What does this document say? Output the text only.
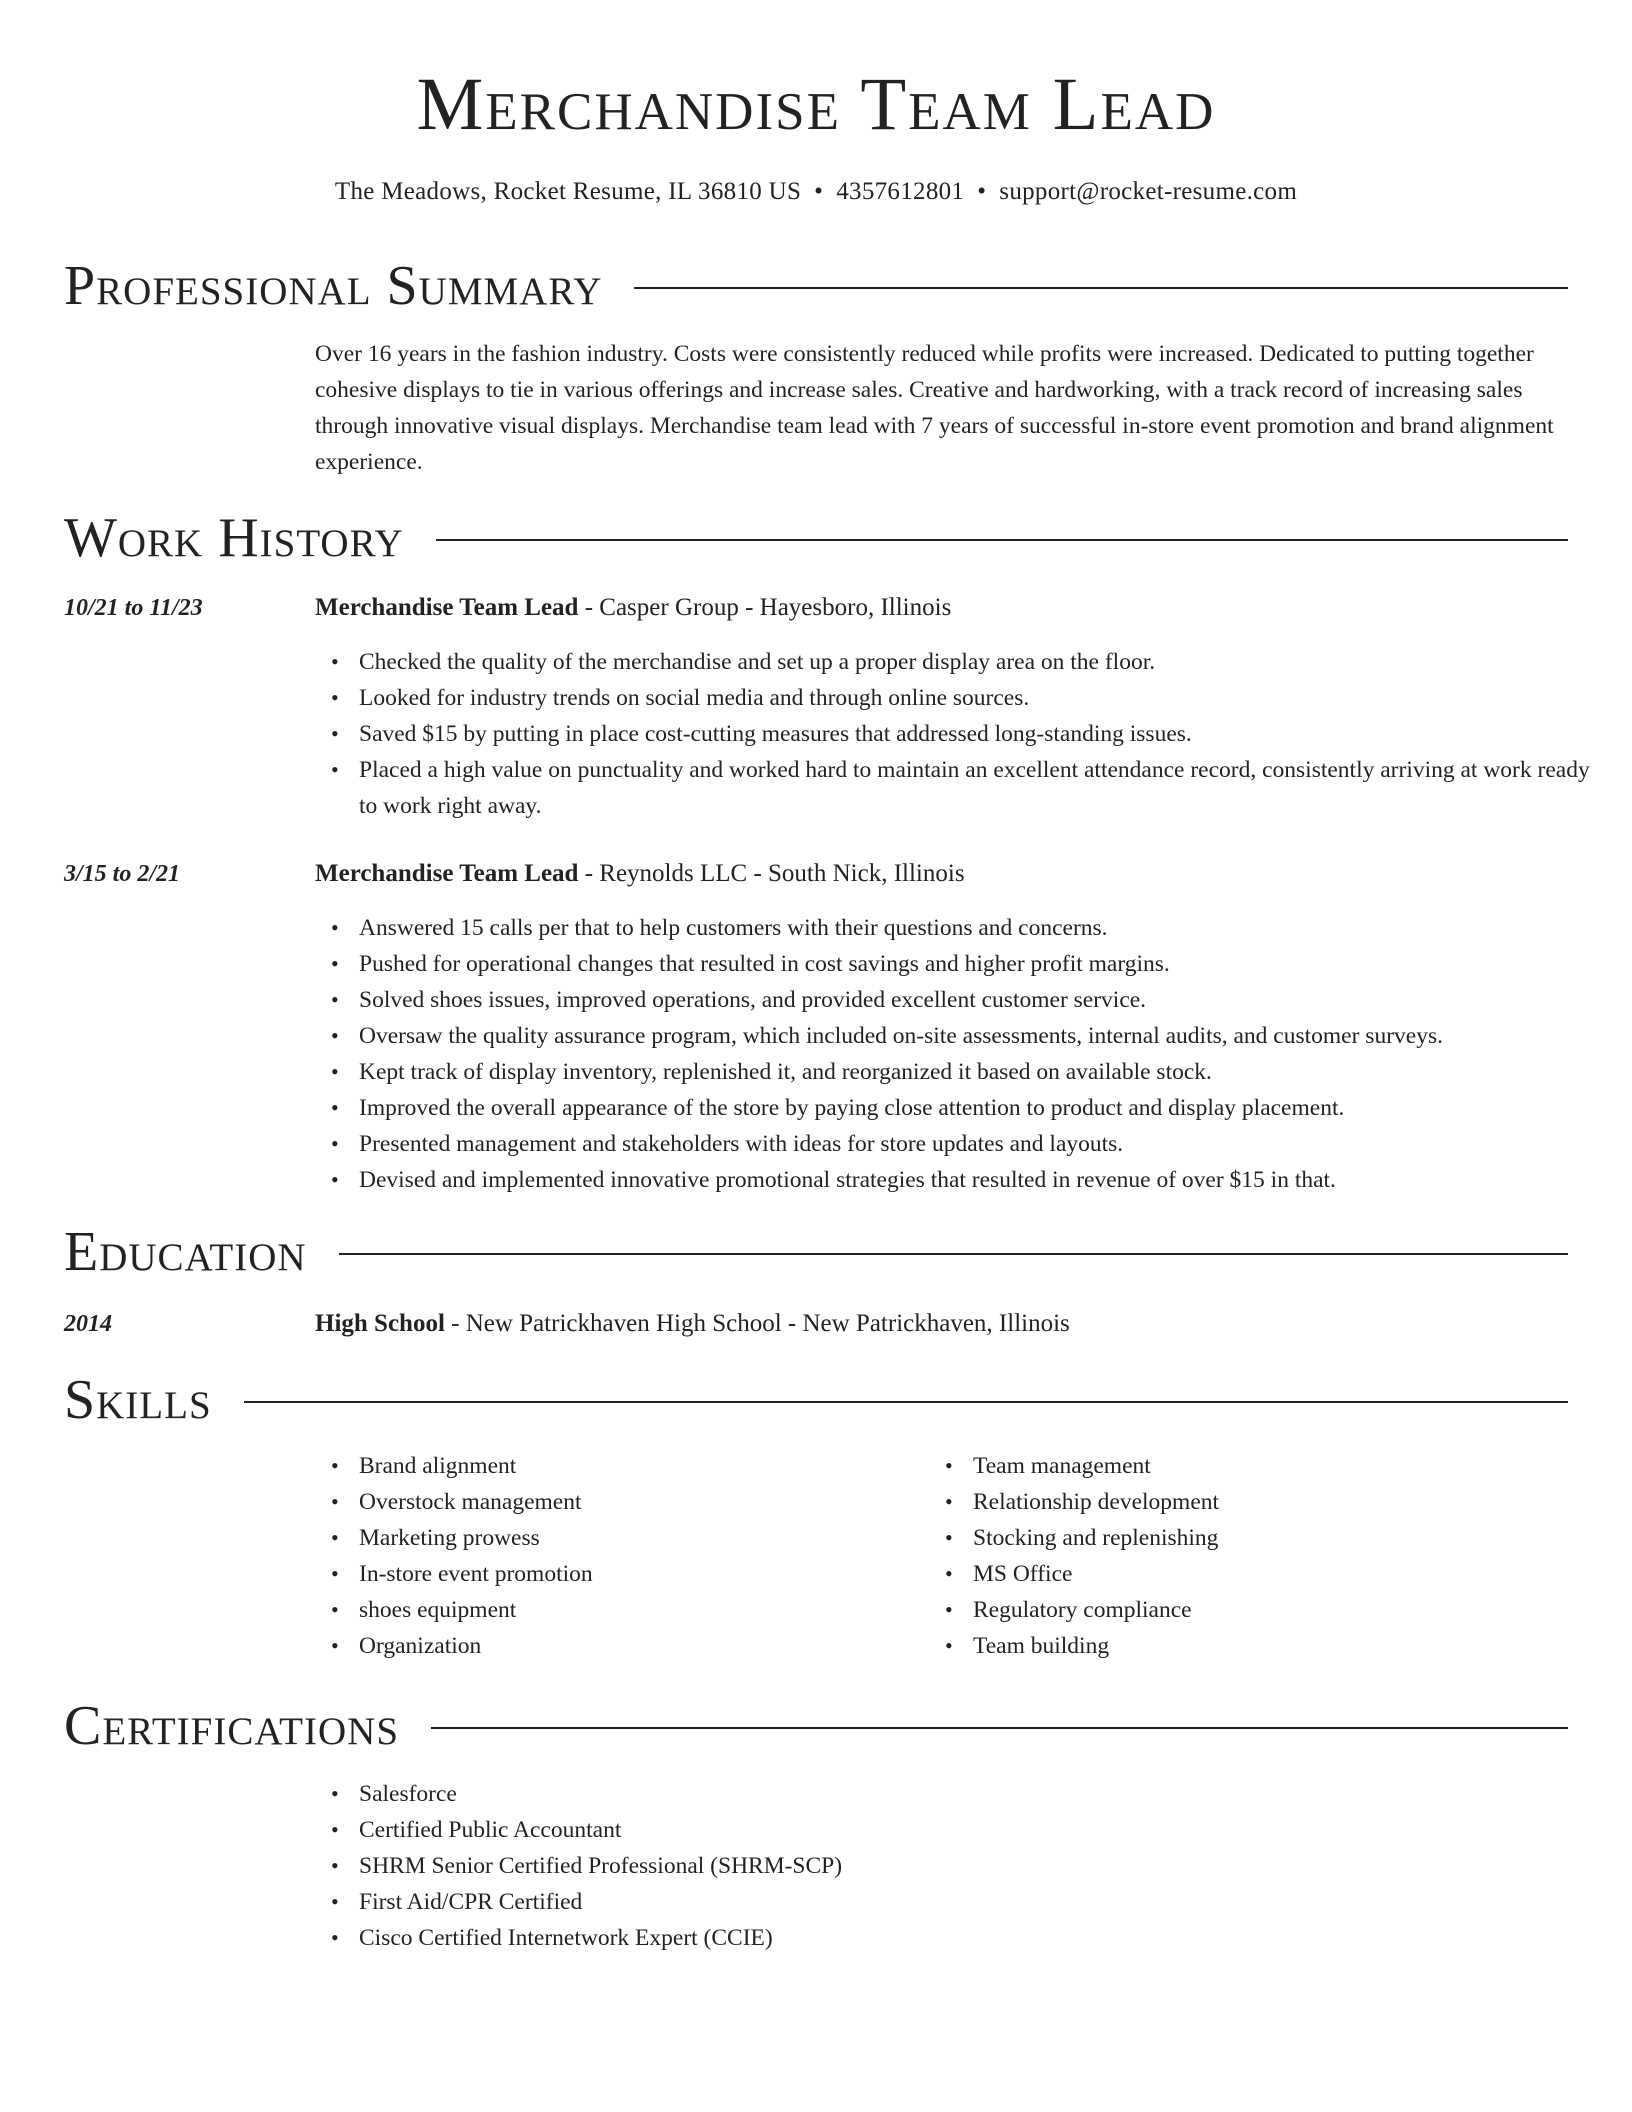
Merchandise Team Lead
The Meadows, Rocket Resume, IL 36810 US • 4357612801 • support@rocket-resume.com
Professional Summary

Over 16 years in the fashion industry. Costs were consistently reduced while profits were increased. Dedicated to putting together cohesive displays to tie in various offerings and increase sales. Creative and hardworking, with a track record of increasing sales through innovative visual displays. Merchandise team lead with 7 years of successful in-store event promotion and brand alignment experience.

Work History
10/21 to 11/23	Merchandise Team Lead - Casper Group - Hayesboro, Illinois
• Checked the quality of the merchandise and set up a proper display area on the floor.
• Looked for industry trends on social media and through online sources.
• Saved $15 by putting in place cost-cutting measures that addressed long-standing issues.
• Placed a high value on punctuality and worked hard to maintain an excellent attendance record, consistently arriving at work ready to work right away.
3/15 to 2/21	Merchandise Team Lead - Reynolds LLC - South Nick, Illinois
• Answered 15 calls per that to help customers with their questions and concerns.
• Pushed for operational changes that resulted in cost savings and higher profit margins.
• Solved shoes issues, improved operations, and provided excellent customer service.
• Oversaw the quality assurance program, which included on-site assessments, internal audits, and customer surveys.
• Kept track of display inventory, replenished it, and reorganized it based on available stock.
• Improved the overall appearance of the store by paying close attention to product and display placement.
• Presented management and stakeholders with ideas for store updates and layouts.
• Devised and implemented innovative promotional strategies that resulted in revenue of over $15 in that.
Education
2014	High School - New Patrickhaven High School - New Patrickhaven, Illinois
Skills
• Brand alignment
• Overstock management
• Marketing prowess
• In-store event promotion
• shoes equipment
• Organization
• Team management
• Relationship development
• Stocking and replenishing
• MS Office
• Regulatory compliance
• Team building
Certifications
• Salesforce
• Certified Public Accountant
• SHRM Senior Certified Professional (SHRM-SCP)
• First Aid/CPR Certified
• Cisco Certified Internetwork Expert (CCIE)
